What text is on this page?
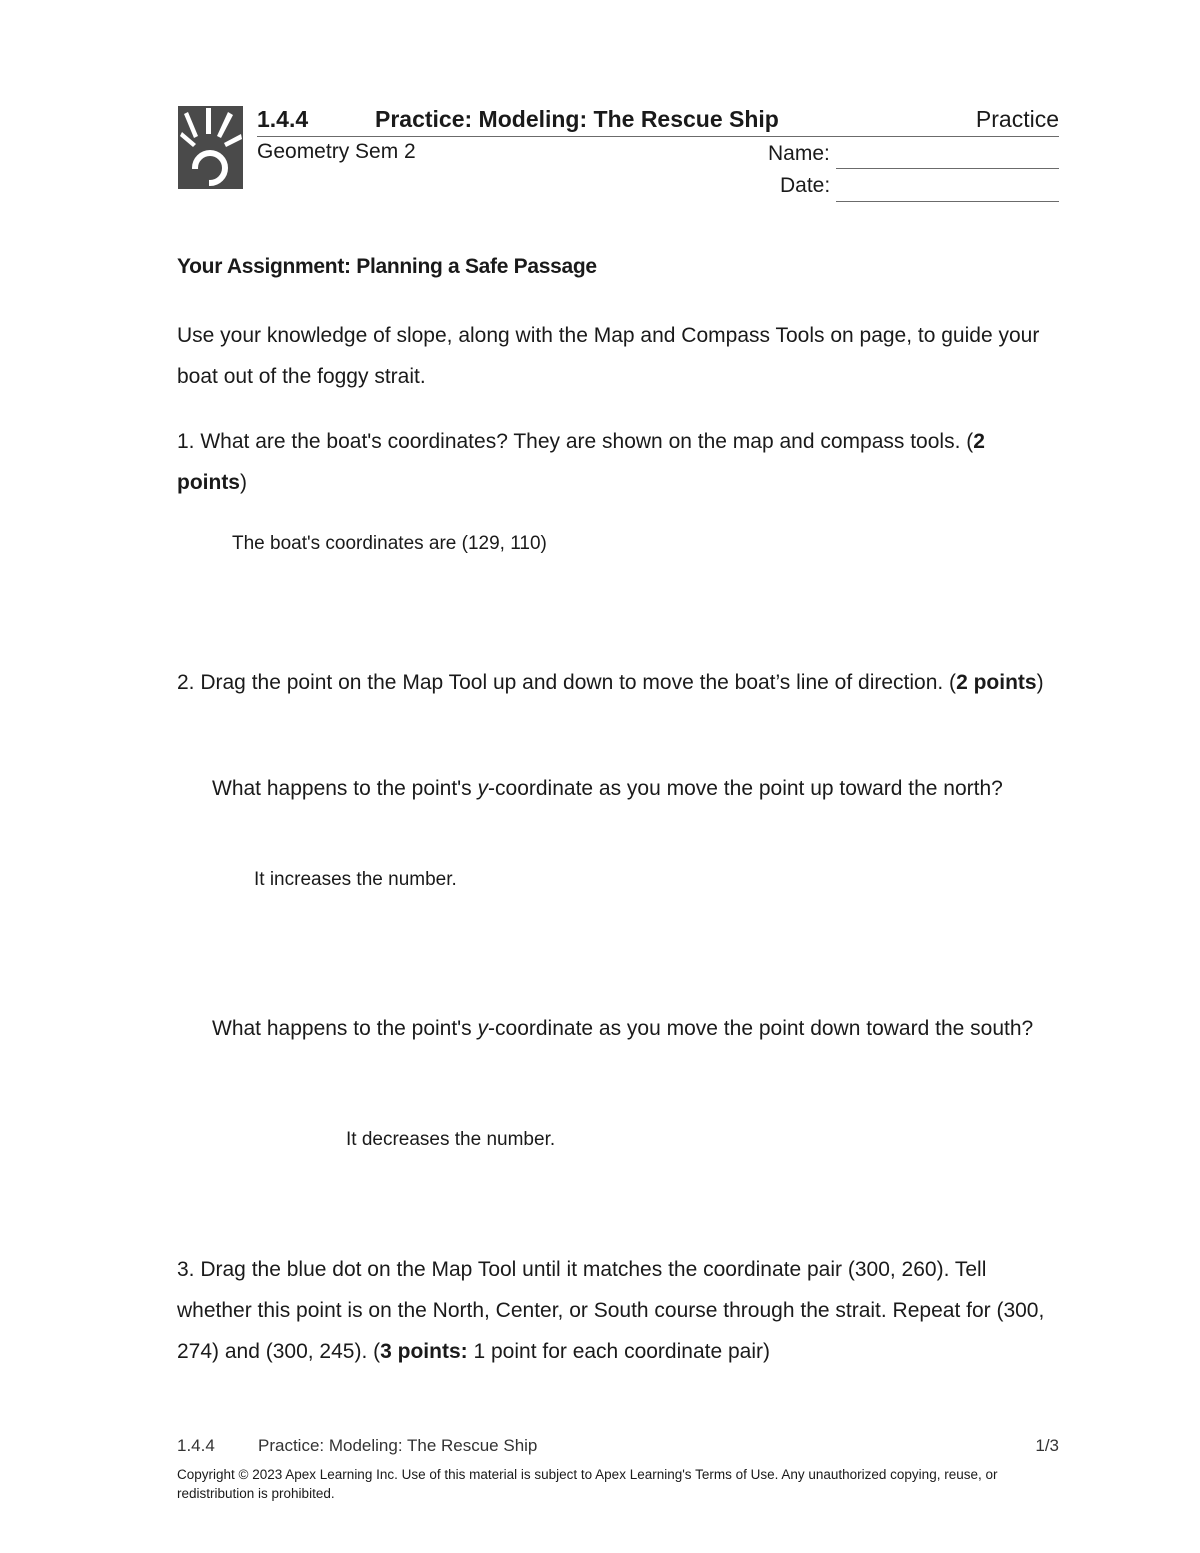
1.4.4	Practice: Modeling: The Rescue Ship	Practice
Geometry Sem 2	Name:
Date:
Your Assignment: Planning a Safe Passage
Use your knowledge of slope, along with the Map and Compass Tools on page, to guide your boat out of the foggy strait.
1. What are the boat's coordinates? They are shown on the map and compass tools. (2 points)
The boat's coordinates are (129, 110)
2. Drag the point on the Map Tool up and down to move the boat’s line of direction. (2 points)
What happens to the point's y-coordinate as you move the point up toward the north?
It increases the number.
What happens to the point's y-coordinate as you move the point down toward the south?
It decreases the number.
3. Drag the blue dot on the Map Tool until it matches the coordinate pair (300, 260). Tell whether this point is on the North, Center, or South course through the strait. Repeat for (300, 274) and (300, 245). (3 points: 1 point for each coordinate pair)
1.4.4	Practice: Modeling: The Rescue Ship	1/3
Copyright © 2023 Apex Learning Inc. Use of this material is subject to Apex Learning's Terms of Use. Any unauthorized copying, reuse, or redistribution is prohibited.
